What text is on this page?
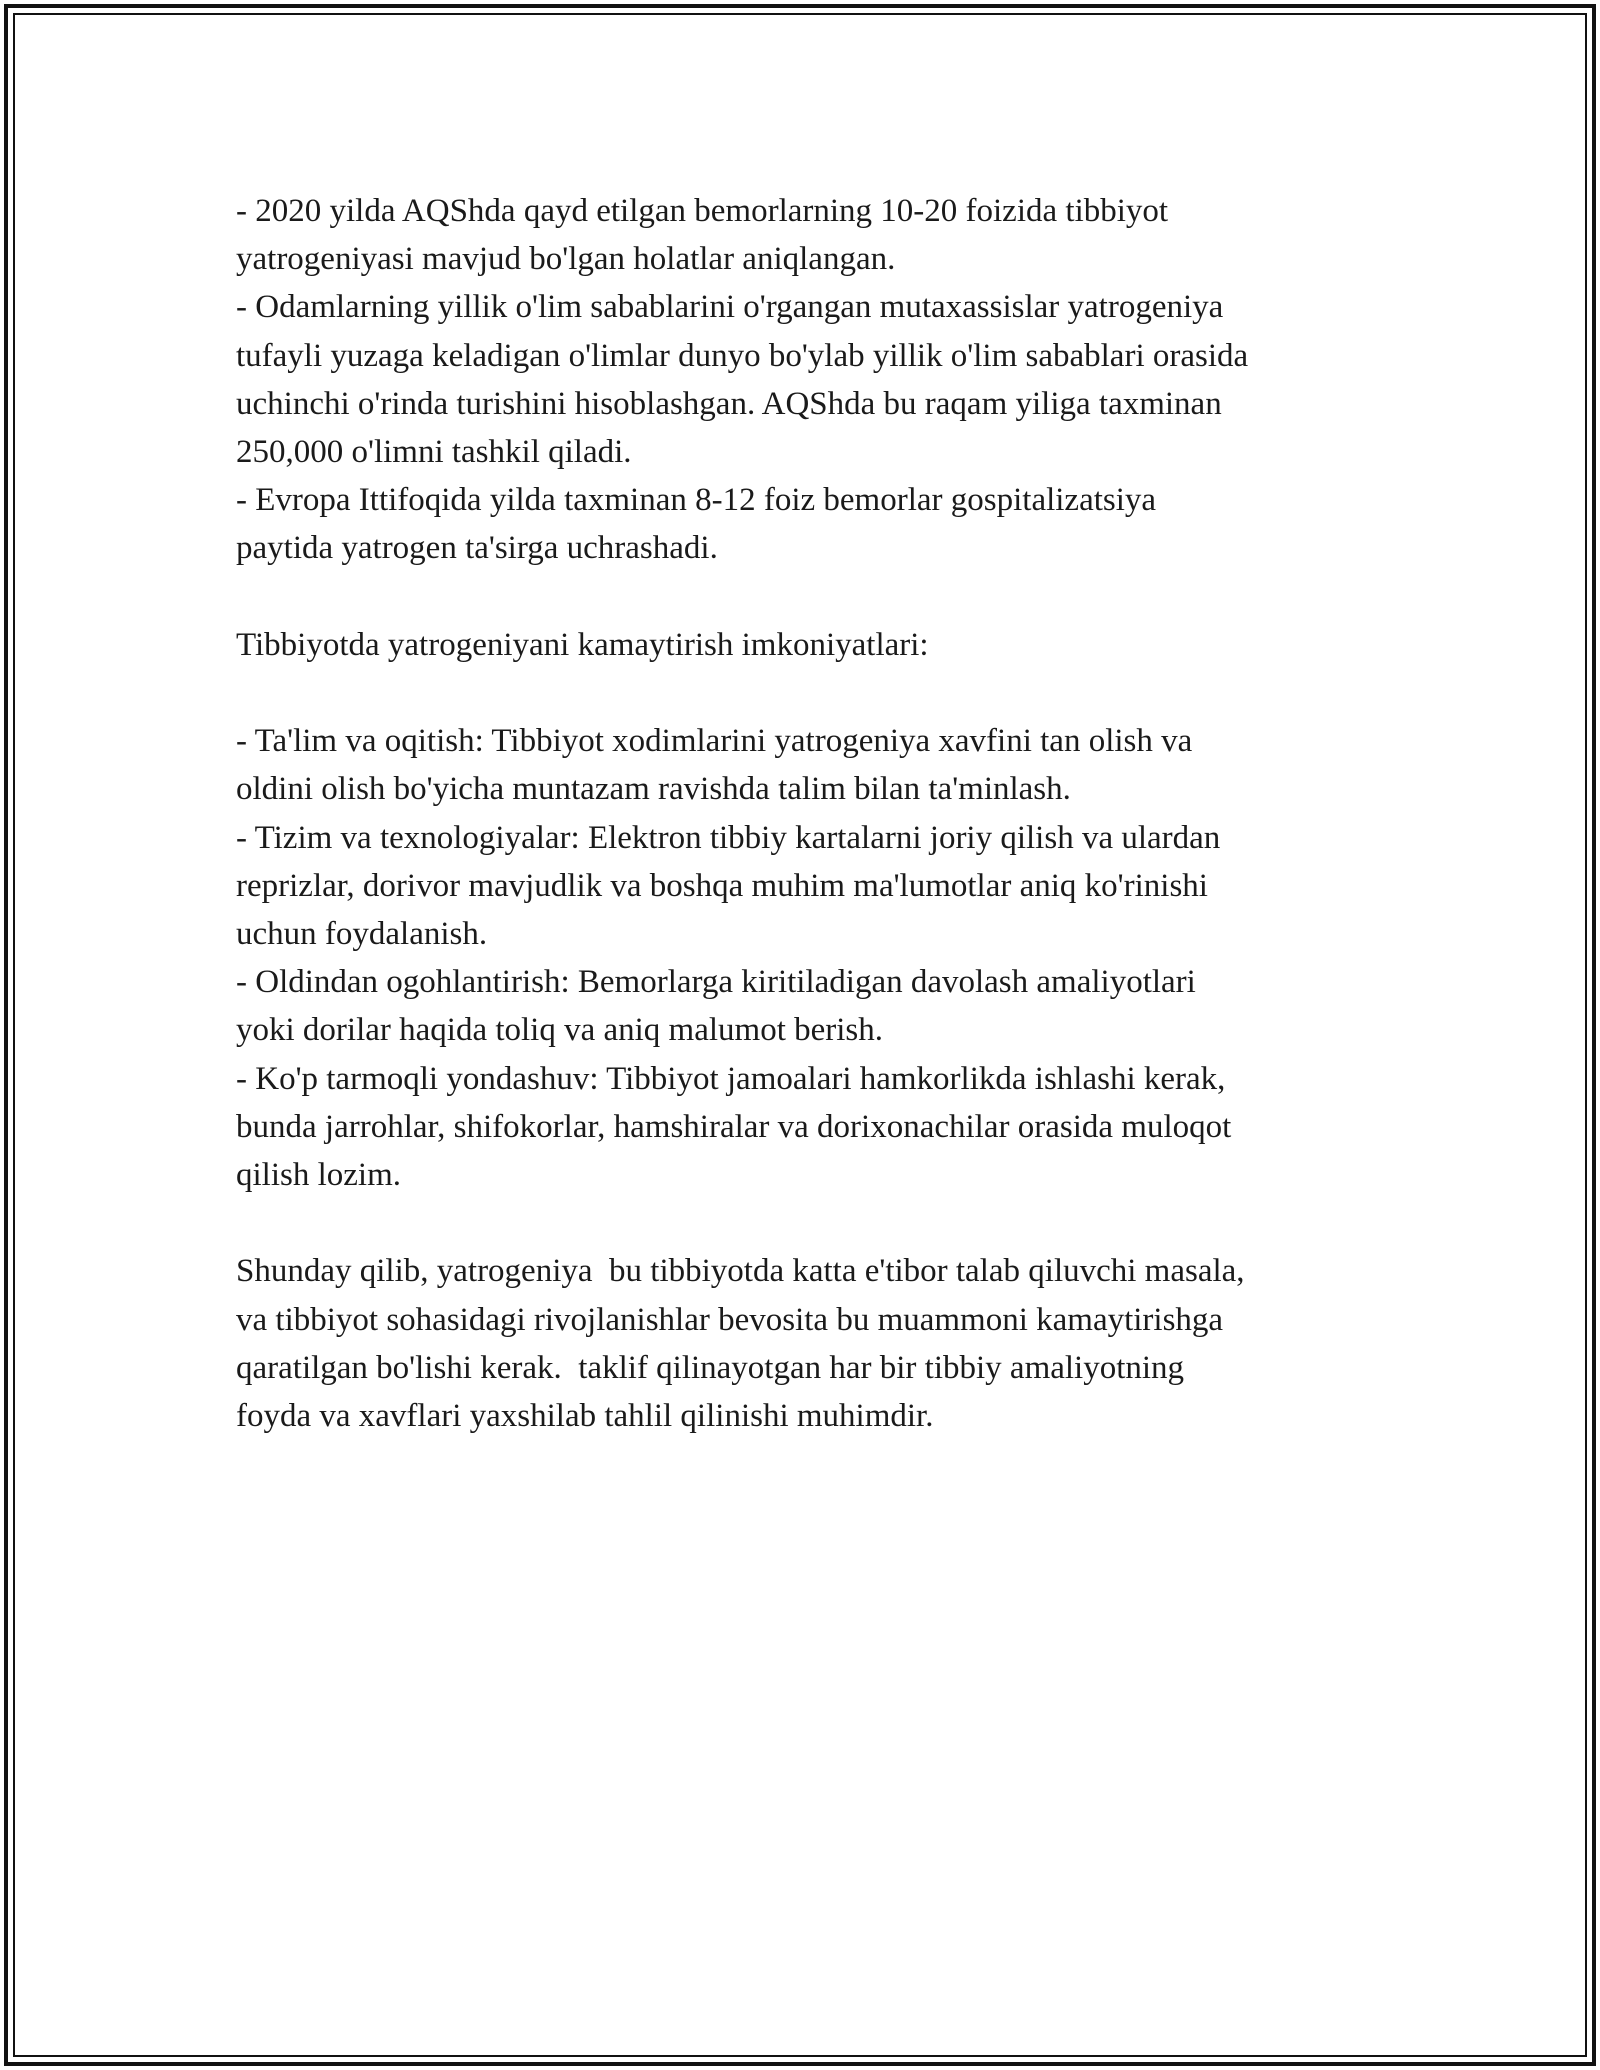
- 2020 yilda AQShda qayd etilgan bemorlarning 10-20 foizida tibbiyot
yatrogeniyasi mavjud bo'lgan holatlar aniqlangan.
- Odamlarning yillik o'lim sabablarini o'rgangan mutaxassislar yatrogeniya
tufayli yuzaga keladigan o'limlar dunyo bo'ylab yillik o'lim sabablari orasida
uchinchi o'rinda turishini hisoblashgan. AQShda bu raqam yiliga taxminan
250,000 o'limni tashkil qiladi.
- Evropa Ittifoqida yilda taxminan 8-12 foiz bemorlar gospitalizatsiya
paytida yatrogen ta'sirga uchrashadi.
Tibbiyotda yatrogeniyani kamaytirish imkoniyatlari:
- Ta'lim va oqitish: Tibbiyot xodimlarini yatrogeniya xavfini tan olish va
oldini olish bo'yicha muntazam ravishda talim bilan ta'minlash.
- Tizim va texnologiyalar: Elektron tibbiy kartalarni joriy qilish va ulardan
reprizlar, dorivor mavjudlik va boshqa muhim ma'lumotlar aniq ko'rinishi
uchun foydalanish.
- Oldindan ogohlantirish: Bemorlarga kiritiladigan davolash amaliyotlari
yoki dorilar haqida toliq va aniq malumot berish.
- Ko'p tarmoqli yondashuv: Tibbiyot jamoalari hamkorlikda ishlashi kerak,
bunda jarrohlar, shifokorlar, hamshiralar va dorixonachilar orasida muloqot
qilish lozim.
Shunday qilib, yatrogeniya  bu tibbiyotda katta e'tibor talab qiluvchi masala,
va tibbiyot sohasidagi rivojlanishlar bevosita bu muammoni kamaytirishga
qaratilgan bo'lishi kerak.  taklif qilinayotgan har bir tibbiy amaliyotning
foyda va xavflari yaxshilab tahlil qilinishi muhimdir.
